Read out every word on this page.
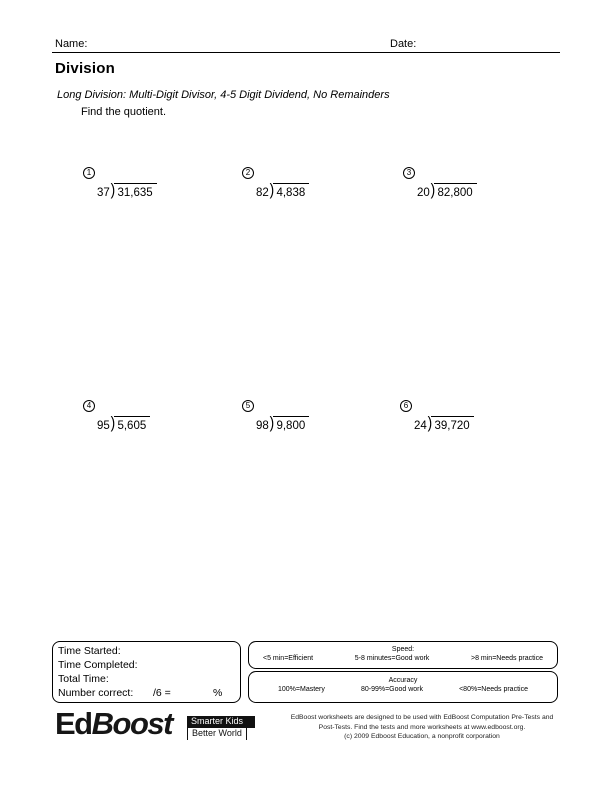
Name:	Date:
Division
Long Division: Multi-Digit Divisor, 4-5 Digit Dividend, No Remainders
Find the quotient.
1
37 ) 31,635
2
82 ) 4,838
3
20 ) 82,800
4
95 ) 5,605
5
98 ) 9,800
6
24 ) 39,720
Time Started:
Time Completed:
Total Time:
Number correct: /6 =	%
Speed:
<5 min=Efficient	5-8 minutes=Good work	>8 min=Needs practice
Accuracy
100%=Mastery	80-99%=Good work	<80%=Needs practice
EdBoost	Smarter Kids
Better World
EdBoost worksheets are designed to be used with EdBoost Computation Pre-Tests and
Post-Tests. Find the tests and more worksheets at www.edboost.org.
(c) 2009 Edboost Education, a nonprofit corporation
